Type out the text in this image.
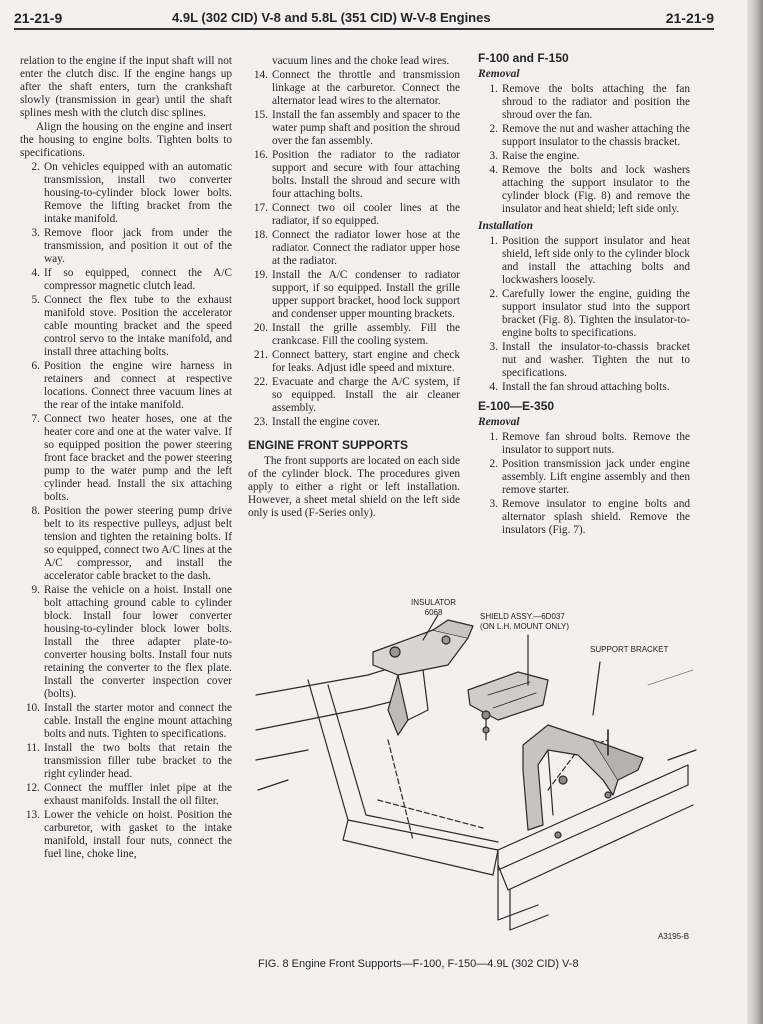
21-21-9	4.9L (302 CID) V-8 and 5.8L (351 CID) W-V-8 Engines	21-21-9
relation to the engine if the input shaft will not enter the clutch disc. If the engine hangs up after the shaft enters, turn the crankshaft slowly (transmission in gear) until the shaft splines mesh with the clutch disc splines.
Align the housing on the engine and insert the housing to engine bolts. Tighten bolts to specifications.
2. On vehicles equipped with an automatic transmission, install two converter housing-to-cylinder block lower bolts. Remove the lifting bracket from the intake manifold.
3. Remove floor jack from under the transmission, and position it out of the way.
4. If so equipped, connect the A/C compressor magnetic clutch lead.
5. Connect the flex tube to the exhaust manifold stove. Position the accelerator cable mounting bracket and the speed control servo to the intake manifold, and install three attaching bolts.
6. Position the engine wire harness in retainers and connect at respective locations. Connect three vacuum lines at the rear of the intake manifold.
7. Connect two heater hoses, one at the heater core and one at the water valve. If so equipped position the power steering front face bracket and the power steering pump to the water pump and the left cylinder head. Install the six attaching bolts.
8. Position the power steering pump drive belt to its respective pulleys, adjust belt tension and tighten the retaining bolts. If so equipped, connect two A/C lines at the A/C compressor, and install the accelerator cable bracket to the dash.
9. Raise the vehicle on a hoist. Install one bolt attaching ground cable to cylinder block. Install four lower converter housing-to-cylinder block lower bolts. Install the three adapter plate-to-converter housing bolts. Install four nuts retaining the converter to the flex plate. Install the converter inspection cover (bolts).
10. Install the starter motor and connect the cable. Install the engine mount attaching bolts and nuts. Tighten to specifications.
11. Install the two bolts that retain the transmission filler tube bracket to the right cylinder head.
12. Connect the muffler inlet pipe at the exhaust manifolds. Install the oil filter.
13. Lower the vehicle on hoist. Position the carburetor, with gasket to the intake manifold, install four nuts, connect the fuel line, choke line,
vacuum lines and the choke lead wires.
14. Connect the throttle and transmission linkage at the carburetor. Connect the alternator lead wires to the alternator.
15. Install the fan assembly and spacer to the water pump shaft and position the shroud over the fan assembly.
16. Position the radiator to the radiator support and secure with four attaching bolts. Install the shroud and secure with four attaching bolts.
17. Connect two oil cooler lines at the radiator, if so equipped.
18. Connect the radiator lower hose at the radiator. Connect the radiator upper hose at the radiator.
19. Install the A/C condenser to radiator support, if so equipped. Install the grille upper support bracket, hood lock support and condenser upper mounting brackets.
20. Install the grille assembly. Fill the crankcase. Fill the cooling system.
21. Connect battery, start engine and check for leaks. Adjust idle speed and mixture.
22. Evacuate and charge the A/C system, if so equipped. Install the air cleaner assembly.
23. Install the engine cover.
ENGINE FRONT SUPPORTS
The front supports are located on each side of the cylinder block. The procedures given apply to either a right or left installation. However, a sheet metal shield on the left side only is used (F-Series only).
F-100 and F-150
Removal
1. Remove the bolts attaching the fan shroud to the radiator and position the shroud over the fan.
2. Remove the nut and washer attaching the support insulator to the chassis bracket.
3. Raise the engine.
4. Remove the bolts and lock washers attaching the support insulator to the cylinder block (Fig. 8) and remove the insulator and heat shield; left side only.
Installation
1. Position the support insulator and heat shield, left side only to the cylinder block and install the attaching bolts and lockwashers loosely.
2. Carefully lower the engine, guiding the support insulator stud into the support bracket (Fig. 8). Tighten the insulator-to-engine bolts to specifications.
3. Install the insulator-to-chassis bracket nut and washer. Tighten the nut to specifications.
4. Install the fan shroud attaching bolts.
E-100—E-350
Removal
1. Remove fan shroud bolts. Remove the insulator to support nuts.
2. Position transmission jack under engine assembly. Lift engine assembly and then remove starter.
3. Remove insulator to engine bolts and alternator splash shield. Remove the insulators (Fig. 7).
INSULATOR
6068	SHIELD ASSY.—6D037
(ON L.H. MOUNT ONLY)
SUPPORT BRACKET
A3195-B
FIG. 8 Engine Front Supports—F-100, F-150—4.9L (302 CID) V-8
